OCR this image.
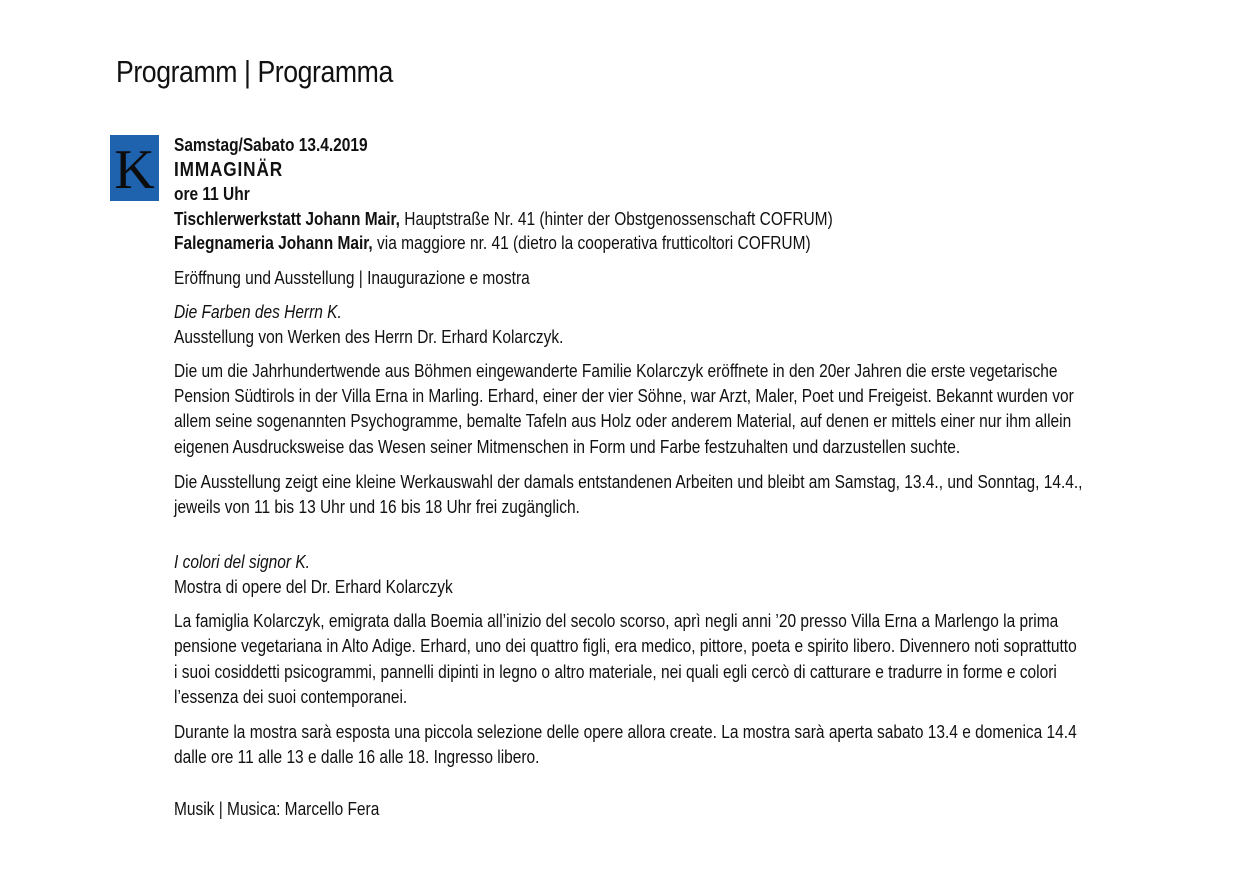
Programm | Programma
K Samstag/Sabato 13.4.2019
IMMAGINÄR
ore 11 Uhr
Tischlerwerkstatt Johann Mair, Hauptstraße Nr. 41 (hinter der Obstgenossenschaft COFRUM)
Falegnameria Johann Mair, via maggiore nr. 41 (dietro la cooperativa frutticoltori COFRUM)
Eröffnung und Ausstellung | Inaugurazione e mostra
Die Farben des Herrn K.
Ausstellung von Werken des Herrn Dr. Erhard Kolarczyk.
Die um die Jahrhundertwende aus Böhmen eingewanderte Familie Kolarczyk eröffnete in den 20er Jahren die erste vegetarische
Pension Südtirols in der Villa Erna in Marling. Erhard, einer der vier Söhne, war Arzt, Maler, Poet und Freigeist. Bekannt wurden vor
allem seine sogenannten Psychogramme, bemalte Tafeln aus Holz oder anderem Material, auf denen er mittels einer nur ihm allein
eigenen Ausdrucksweise das Wesen seiner Mitmenschen in Form und Farbe festzuhalten und darzustellen suchte.
Die Ausstellung zeigt eine kleine Werkauswahl der damals entstandenen Arbeiten und bleibt am Samstag, 13.4., und Sonntag, 14.4.,
jeweils von 11 bis 13 Uhr und 16 bis 18 Uhr frei zugänglich.
I colori del signor K.
Mostra di opere del Dr. Erhard Kolarczyk
La famiglia Kolarczyk, emigrata dalla Boemia all’inizio del secolo scorso, aprì negli anni ’20 presso Villa Erna a Marlengo la prima
pensione vegetariana in Alto Adige. Erhard, uno dei quattro figli, era medico, pittore, poeta e spirito libero. Divennero noti soprattutto
i suoi cosiddetti psicogrammi, pannelli dipinti in legno o altro materiale, nei quali egli cercò di catturare e tradurre in forme e colori
l’essenza dei suoi contemporanei.
Durante la mostra sarà esposta una piccola selezione delle opere allora create. La mostra sarà aperta sabato 13.4 e domenica 14.4
dalle ore 11 alle 13 e dalle 16 alle 18. Ingresso libero.
Musik | Musica: Marcello Fera
